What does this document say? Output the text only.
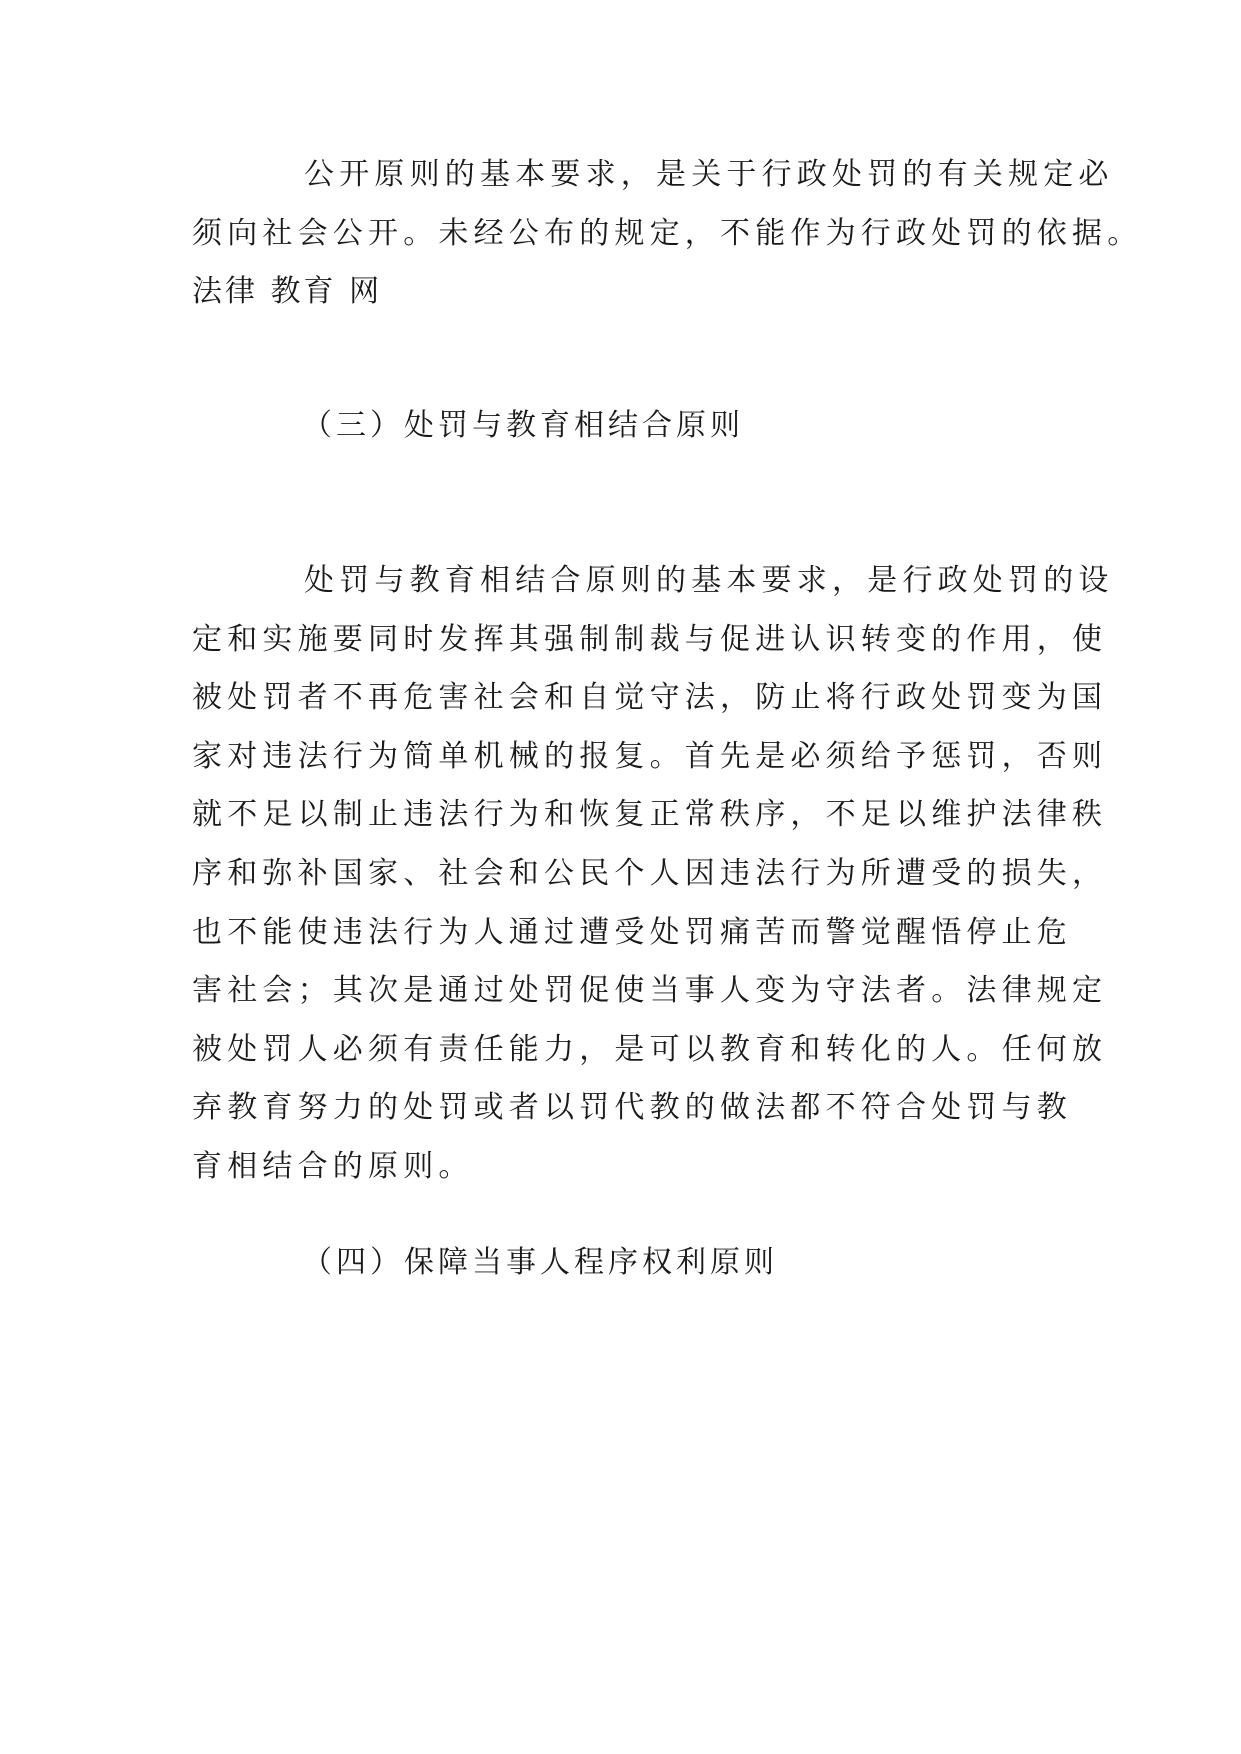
公开原则的基本要求，是关于行政处罚的有关规定必
须向社会公开。未经公布的规定，不能作为行政处罚的依据。
法律 教育 网
（三）处罚与教育相结合原则
处罚与教育相结合原则的基本要求，是行政处罚的设
定和实施要同时发挥其强制制裁与促进认识转变的作用，使
被处罚者不再危害社会和自觉守法，防止将行政处罚变为国
家对违法行为简单机械的报复。首先是必须给予惩罚，否则
就不足以制止违法行为和恢复正常秩序，不足以维护法律秩
序和弥补国家、社会和公民个人因违法行为所遭受的损失，
也不能使违法行为人通过遭受处罚痛苦而警觉醒悟停止危
害社会；其次是通过处罚促使当事人变为守法者。法律规定
被处罚人必须有责任能力，是可以教育和转化的人。任何放
弃教育努力的处罚或者以罚代教的做法都不符合处罚与教
育相结合的原则。
（四）保障当事人程序权利原则
